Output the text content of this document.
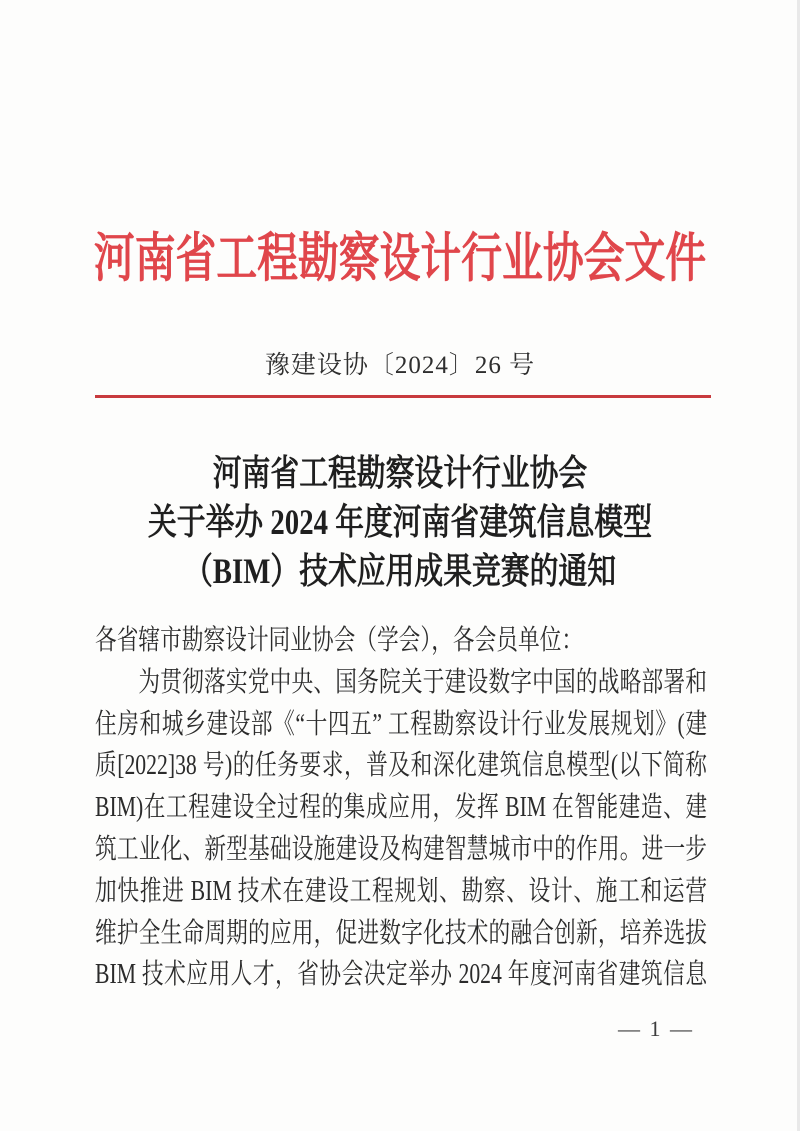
河南省工程勘察设计行业协会文件
豫建设协〔2024〕26 号
河南省工程勘察设计行业协会
关于举办 2024 年度河南省建筑信息模型
（BIM）技术应用成果竞赛的通知
各省辖市勘察设计同业协会（学会），各会员单位：
为贯彻落实党中央、国务院关于建设数字中国的战略部署和
住房和城乡建设部《“十四五” 工程勘察设计行业发展规划》(建
质[2022]38 号)的任务要求，普及和深化建筑信息模型(以下简称
BIM)在工程建设全过程的集成应用，发挥 BIM 在智能建造、建
筑工业化、新型基础设施建设及构建智慧城市中的作用。进一步
加快推进 BIM 技术在建设工程规划、勘察、设计、施工和运营
维护全生命周期的应用，促进数字化技术的融合创新，培养选拔
BIM 技术应用人才，省协会决定举办 2024 年度河南省建筑信息
— 1 —
